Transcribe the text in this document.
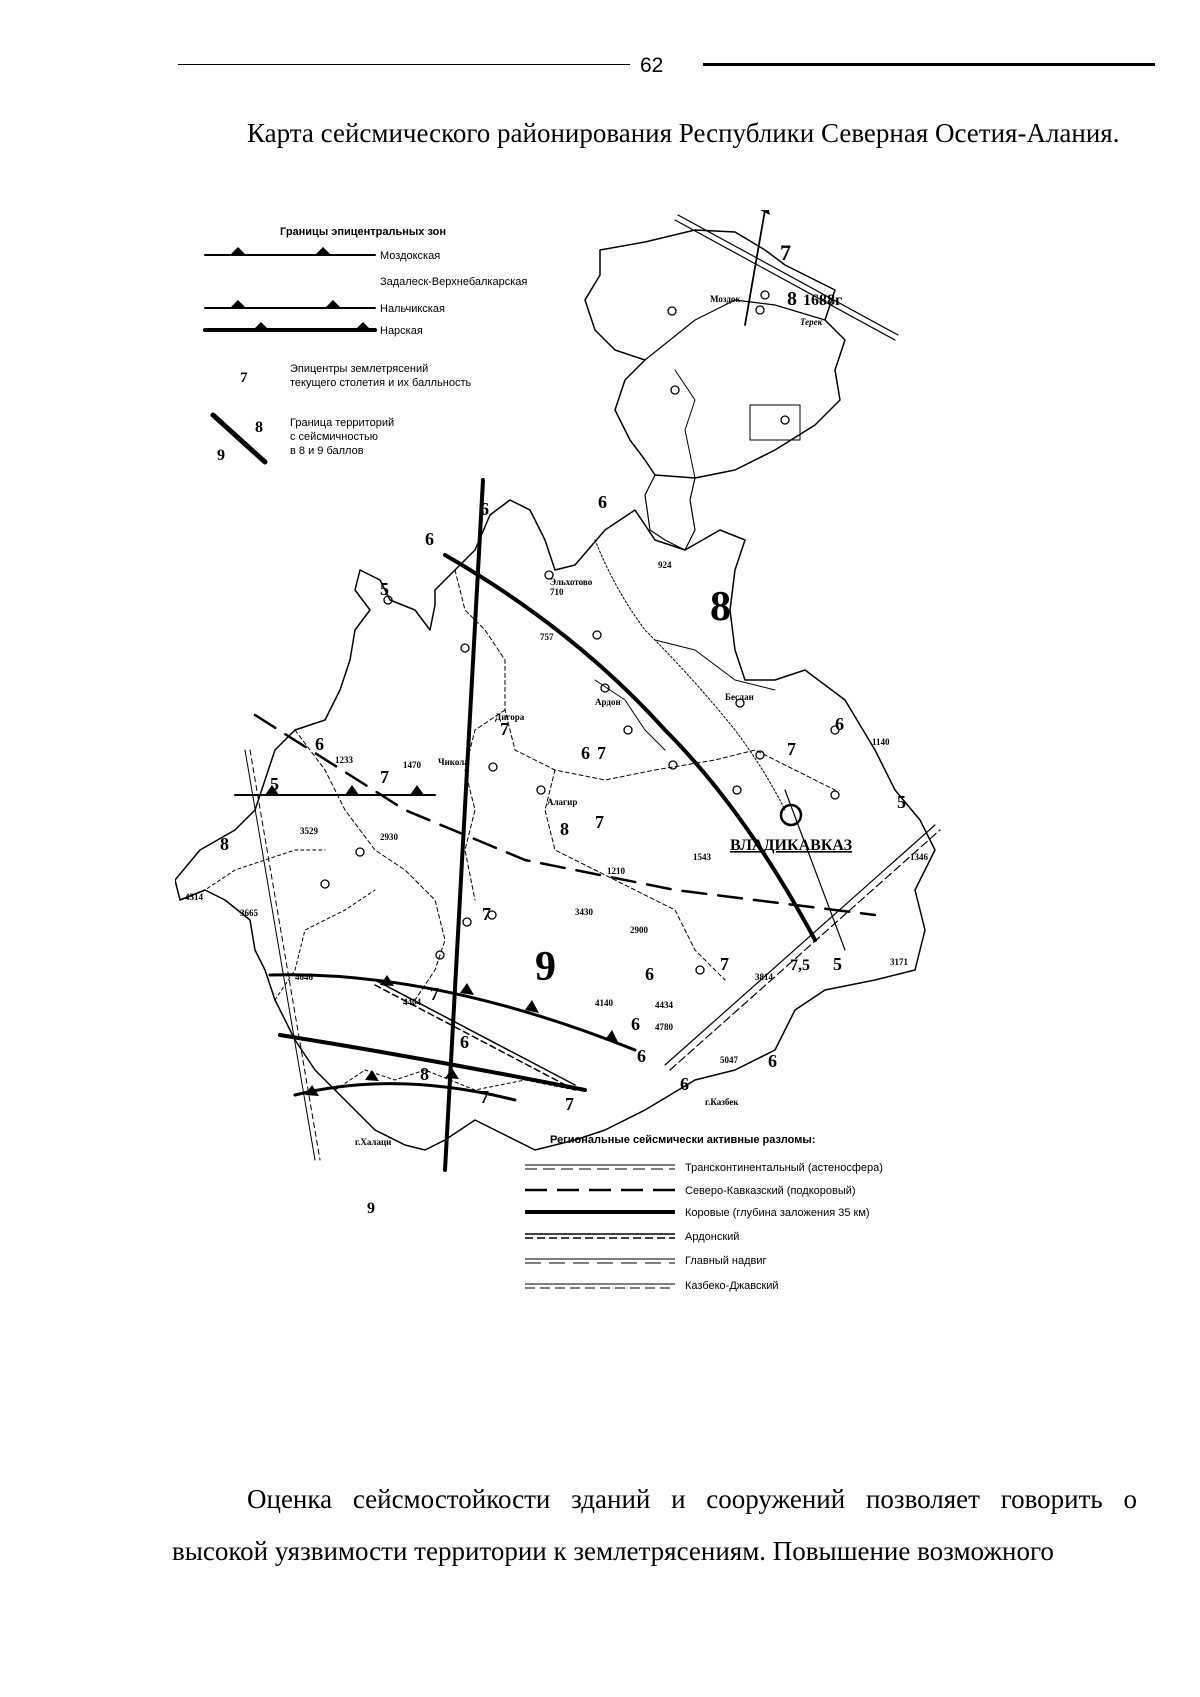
62
Карта сейсмического районирования Республики Северная Осетия-Алания.
Границы эпицентральных зон
Моздокская
Задалеск-Верхнебалкарская
Нальчикская
Нарская
7
Эпицентры землетрясений
текущего столетия и их балльность
8
9
Граница территорий
с сейсмичностью
в 8 и 9 баллов
8
9
ВЛАДИКАВКАЗ
Моздок
Беслан
Ардон
Дигора
Алагир
Эльхотово
Чикола
Терек
г.Казбек
г.Халаци
7
8 1688г
6
6	6
5
6
7
6 7
7	6
7
8 7
5
5
8
7
7,5
5
7
6
6
6
7
6
6
8
7	7
6
9
1233	1470
3529
2930
4314
3665
4646
4404
3430
2900
1543
1210
4140	4434
4780
5047
3171
1140
710
757
924
1346
3814
Региональные сейсмически активные разломы:
Трансконтинентальный (астеносфера)
Северо-Кавказский (подкоровый)
Коровые (глубина заложения 35 км)
Ардонский
Главный надвиг
Казбеко-Джавский
Оценка сейсмостойкости зданий и сооружений позволяет говорить о высокой уязвимости территории к землетрясениям. Повышение возможного
